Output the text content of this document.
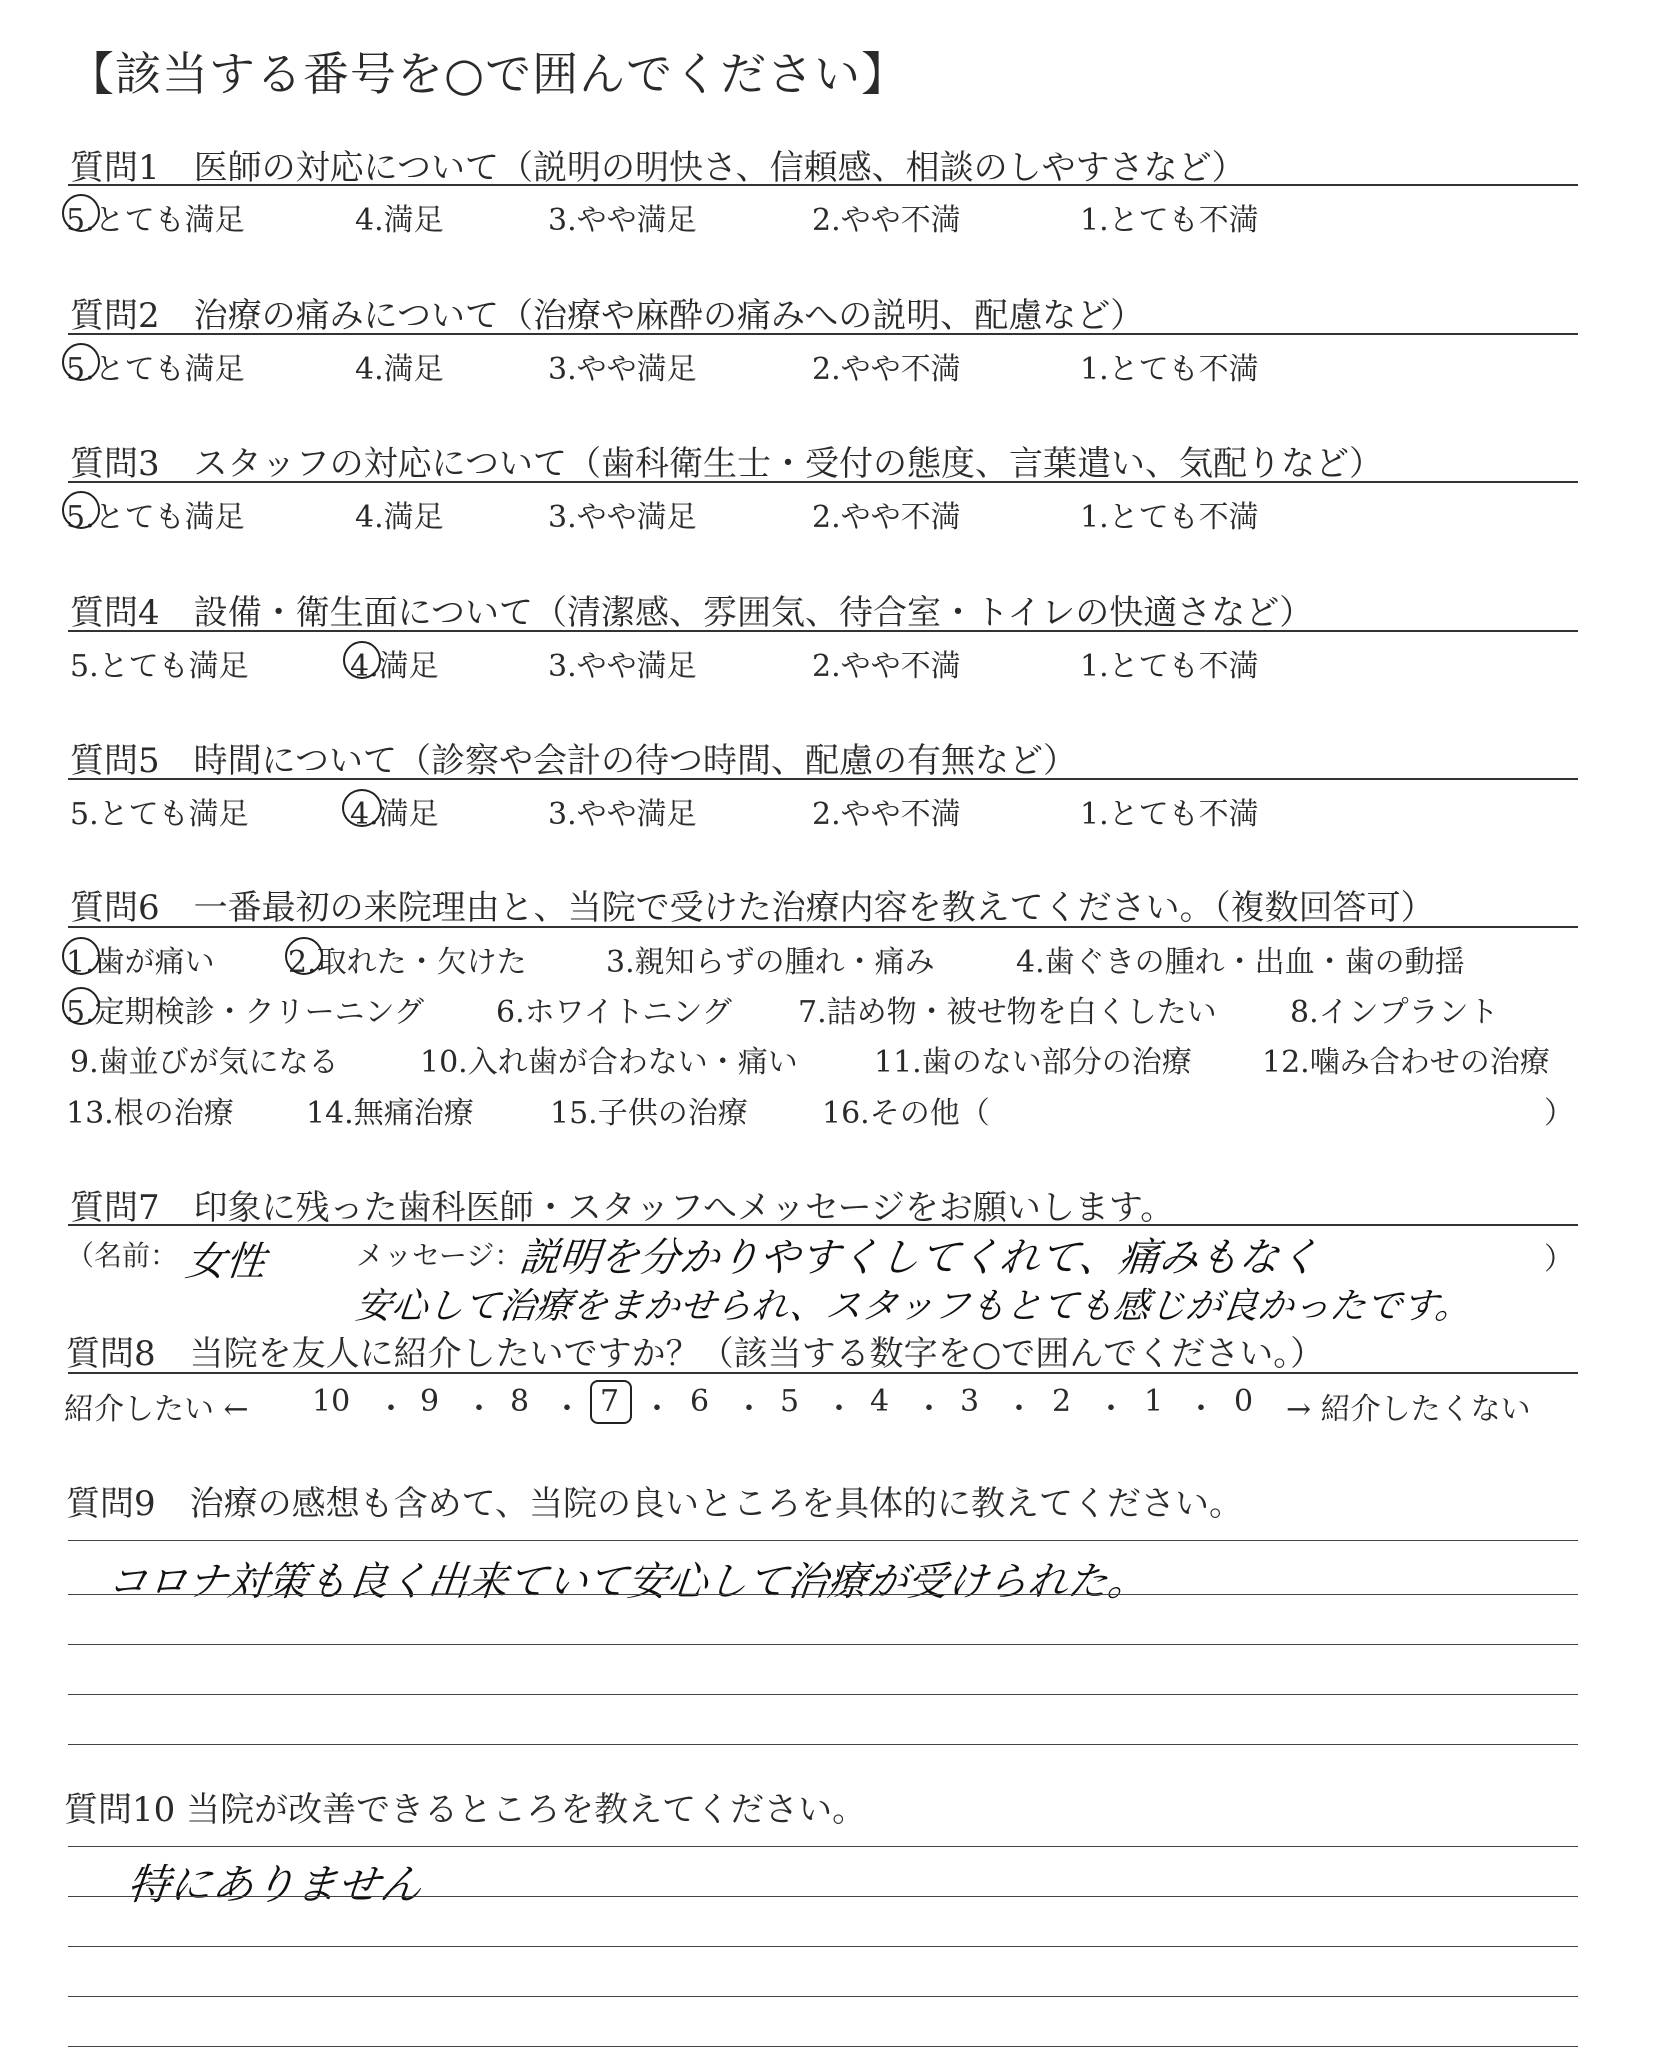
【該当する番号を○で囲んでください】
質問1　医師の対応について（説明の明快さ、信頼感、相談のしやすさなど）
5.とても満足	4.満足	3.やや満足	2.やや不満	1.とても不満
質問2　治療の痛みについて（治療や麻酔の痛みへの説明、配慮など）
5.とても満足	4.満足	3.やや満足	2.やや不満	1.とても不満
質問3　スタッフの対応について（歯科衛生士・受付の態度、言葉遣い、気配りなど）
5.とても満足	4.満足	3.やや満足	2.やや不満	1.とても不満
質問4　設備・衛生面について（清潔感、雰囲気、待合室・トイレの快適さなど）
5.とても満足	4.満足	3.やや満足	2.やや不満	1.とても不満
質問5　時間について（診察や会計の待つ時間、配慮の有無など）
5.とても満足	4.満足	3.やや満足	2.やや不満	1.とても不満
質問6　一番最初の来院理由と、当院で受けた治療内容を教えてください。（複数回答可）
1.歯が痛い 2.取れた・欠けた	3.親知らずの腫れ・痛み	4.歯ぐきの腫れ・出血・歯の動揺
5.定期検診・クリーニング 6.ホワイトニング 7.詰め物・被せ物を白くしたい 8.インプラント
9.歯並びが気になる	10.入れ歯が合わない・痛い	11.歯のない部分の治療 12.噛み合わせの治療
13.根の治療 14.無痛治療	15.子供の治療 16.その他（	）
質問7　印象に残った歯科医師・スタッフへメッセージをお願いします。
（名前： 女性	メッセージ：
説明を分かりやすくしてくれて、痛みもなく
安心して治療をまかせられ、スタッフもとても感じが良かったです。
）
質問8　当院を友人に紹介したいですか？（該当する数字を○で囲んでください。）
紹介したい ← 10 ・ 9 ・ 8 ・ 7 ・ 6 ・ 5 ・ 4 ・ 3 ・ 2 ・ 1 ・ 0 → 紹介したくない
質問9　治療の感想も含めて、当院の良いところを具体的に教えてください。
コロナ対策も良く出来ていて安心して治療が受けられた。
質問10 当院が改善できるところを教えてください。
特にありません
